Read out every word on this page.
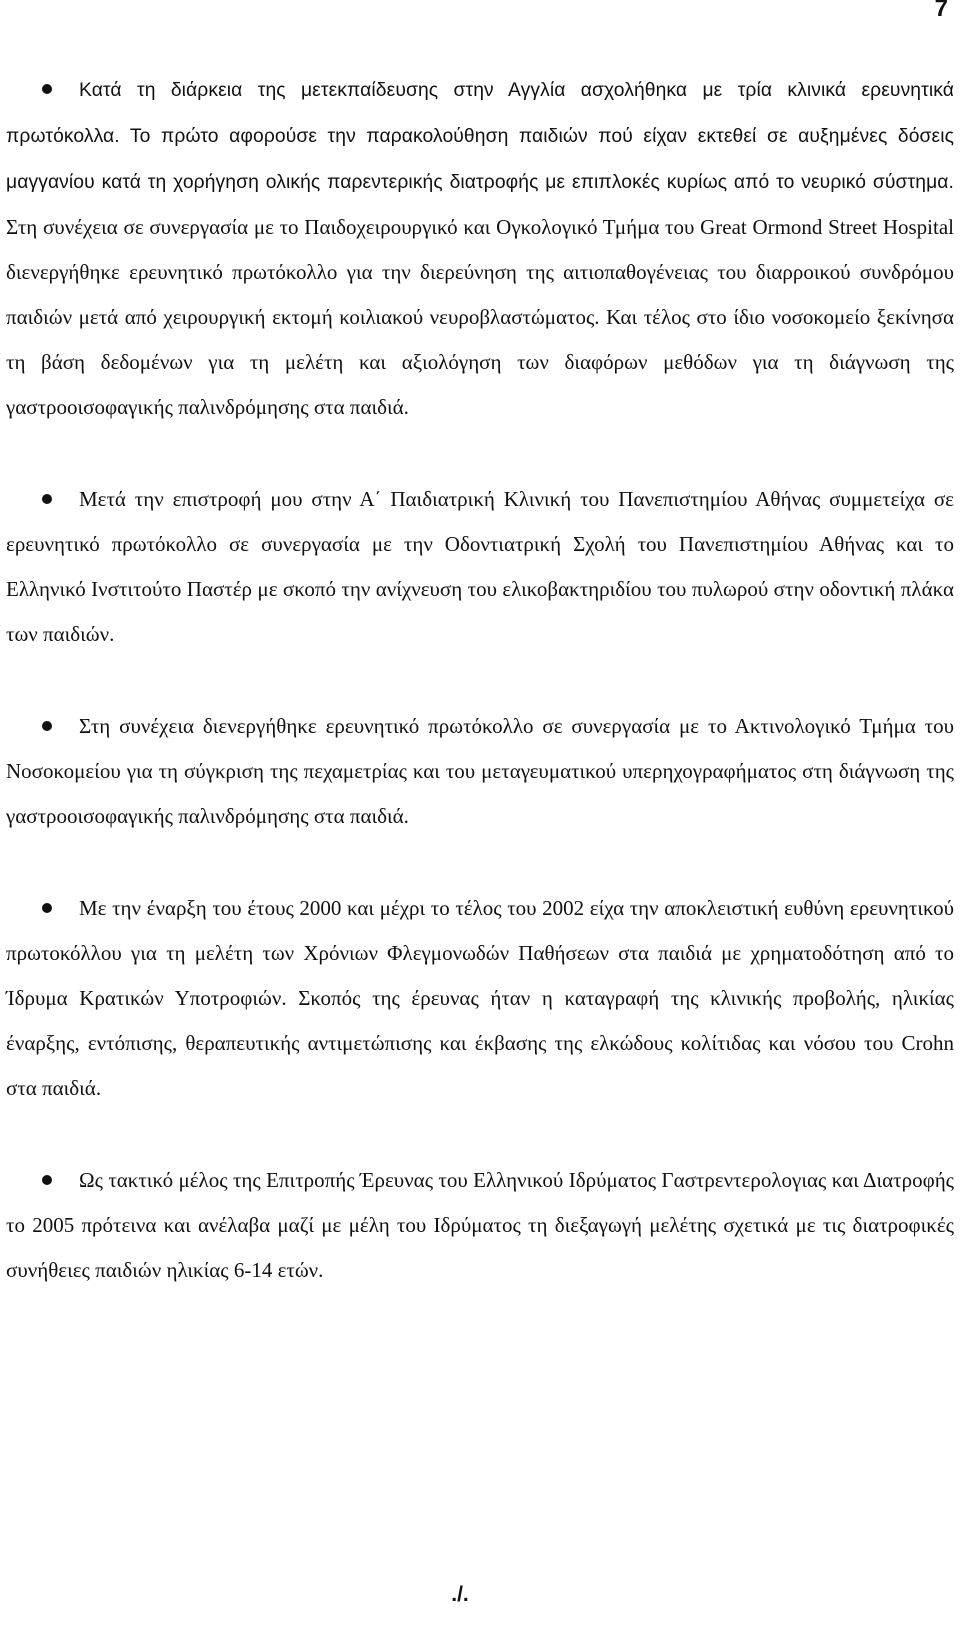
7

Κατά τη διάρκεια της μετεκπαίδευσης στην Αγγλία ασχολήθηκα με τρία κλινικά ερευνητικά πρωτόκολλα. Το πρώτο αφορούσε την παρακολούθηση παιδιών πού είχαν εκτεθεί σε αυξημένες δόσεις μαγγανίου κατά τη χορήγηση ολικής παρεντερικής διατροφής με επιπλοκές κυρίως από το νευρικό σύστημα. Στη συνέχεια σε συνεργασία με το Παιδοχειρουργικό και Ογκολογικό Τμήμα του Great Ormond Street Hospital διενεργήθηκε ερευνητικό πρωτόκολλο για την διερεύνηση της αιτιοπαθογένειας του διαρροικού συνδρόμου παιδιών μετά από χειρουργική εκτομή κοιλιακού νευροβλαστώματος. Και τέλος στο ίδιο νοσοκομείο ξεκίνησα τη βάση δεδομένων για τη μελέτη και αξιολόγηση των διαφόρων μεθόδων για τη διάγνωση της γαστροοισοφαγικής παλινδρόμησης στα παιδιά.

Μετά την επιστροφή μου στην Α΄ Παιδιατρική Κλινική του Πανεπιστημίου Αθήνας συμμετείχα σε ερευνητικό πρωτόκολλο σε συνεργασία με την Οδοντιατρική Σχολή του Πανεπιστημίου Αθήνας και το Ελληνικό Ινστιτούτο Παστέρ με σκοπό την ανίχνευση του ελικοβακτηριδίου του πυλωρού στην οδοντική πλάκα των παιδιών.

Στη συνέχεια διενεργήθηκε ερευνητικό πρωτόκολλο σε συνεργασία με το Ακτινολογικό Τμήμα του Νοσοκομείου για τη σύγκριση της πεχαμετρίας και του μεταγευματικού υπερηχογραφήματος στη διάγνωση της γαστροοισοφαγικής παλινδρόμησης στα παιδιά.

Με την έναρξη του έτους 2000 και μέχρι το τέλος του 2002 είχα την αποκλειστική ευθύνη ερευνητικού πρωτοκόλλου για τη μελέτη των Χρόνιων Φλεγμονωδών Παθήσεων στα παιδιά με χρηματοδότηση από το Ίδρυμα Κρατικών Υποτροφιών. Σκοπός της έρευνας ήταν η καταγραφή της κλινικής προβολής, ηλικίας έναρξης, εντόπισης, θεραπευτικής αντιμετώπισης και έκβασης της ελκώδους κολίτιδας και νόσου του Crohn στα παιδιά.

Ως τακτικό μέλος της Επιτροπής Έρευνας του Ελληνικού Ιδρύματος Γαστρεντερολογιας και Διατροφής το 2005 πρότεινα και ανέλαβα μαζί με μέλη του Ιδρύματος τη διεξαγωγή μελέτης σχετικά με τις διατροφικές συνήθειες παιδιών ηλικίας 6-14 ετών.

./.
